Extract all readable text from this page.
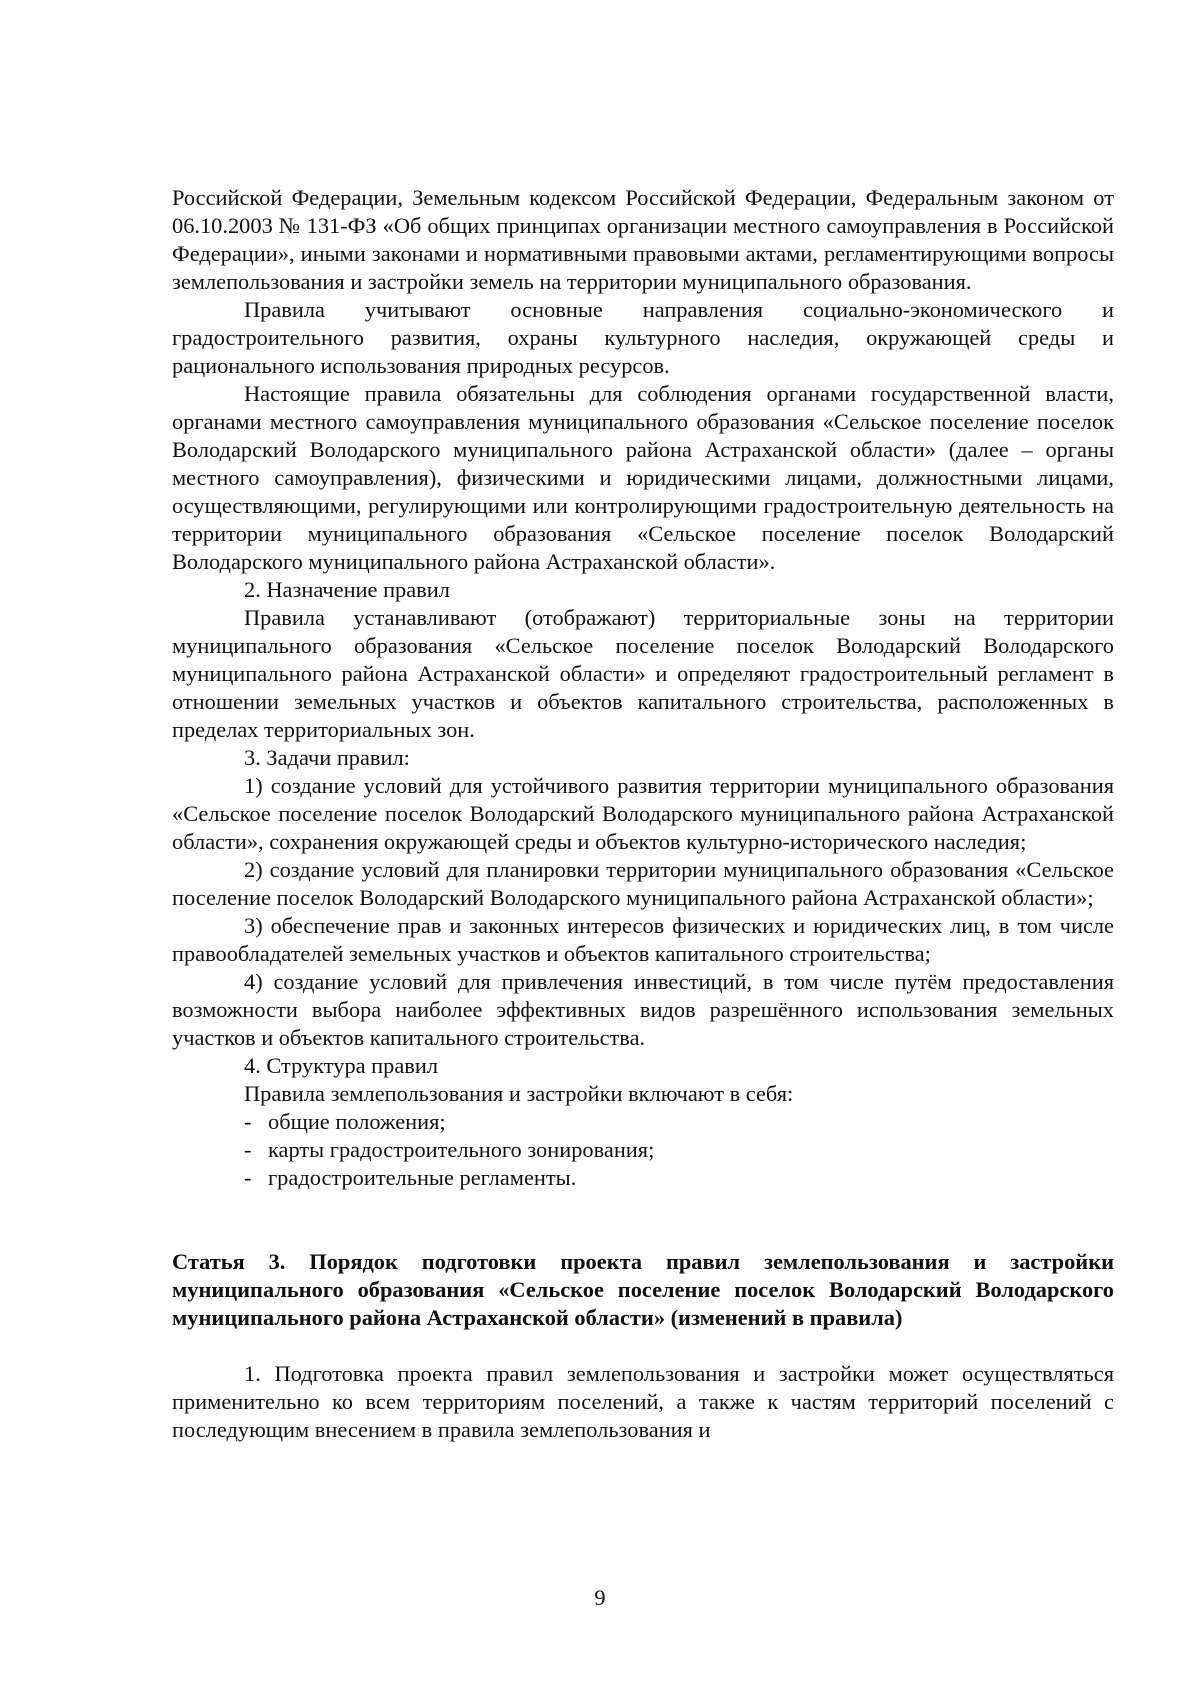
Российской Федерации, Земельным кодексом Российской Федерации, Федеральным законом от 06.10.2003 № 131-ФЗ «Об общих принципах организации местного самоуправления в Российской Федерации», иными законами и нормативными правовыми актами, регламентирующими вопросы землепользования и застройки земель на территории муниципального образования.

Правила учитывают основные направления социально-экономического и градостроительного развития, охраны культурного наследия, окружающей среды и рационального использования природных ресурсов.

Настоящие правила обязательны для соблюдения органами государственной власти, органами местного самоуправления муниципального образования «Сельское поселение поселок Володарский Володарского муниципального района Астраханской области» (далее – органы местного самоуправления), физическими и юридическими лицами, должностными лицами, осуществляющими, регулирующими или контролирующими градостроительную деятельность на территории муниципального образования «Сельское поселение поселок Володарский Володарского муниципального района Астраханской области».

2. Назначение правил

Правила устанавливают (отображают) территориальные зоны на территории муниципального образования «Сельское поселение поселок Володарский Володарского муниципального района Астраханской области» и определяют градостроительный регламент в отношении земельных участков и объектов капитального строительства, расположенных в пределах территориальных зон.

3. Задачи правил:

1) создание условий для устойчивого развития территории муниципального образования «Сельское поселение поселок Володарский Володарского муниципального района Астраханской области», сохранения окружающей среды и объектов культурно-исторического наследия;

2) создание условий для планировки территории муниципального образования «Сельское поселение поселок Володарский Володарского муниципального района Астраханской области»;

3) обеспечение прав и законных интересов физических и юридических лиц, в том числе правообладателей земельных участков и объектов капитального строительства;

4) создание условий для привлечения инвестиций, в том числе путём предоставления возможности выбора наиболее эффективных видов разрешённого использования земельных участков и объектов капитального строительства.

4. Структура правил

Правила землепользования и застройки включают в себя:

- общие положения;
- карты градостроительного зонирования;
- градостроительные регламенты.

Статья 3. Порядок подготовки проекта правил землепользования и застройки муниципального образования «Сельское поселение поселок Володарский Володарского муниципального района Астраханской области» (изменений в правила)

1. Подготовка проекта правил землепользования и застройки может осуществляться применительно ко всем территориям поселений, а также к частям территорий поселений с последующим внесением в правила землепользования и

9
